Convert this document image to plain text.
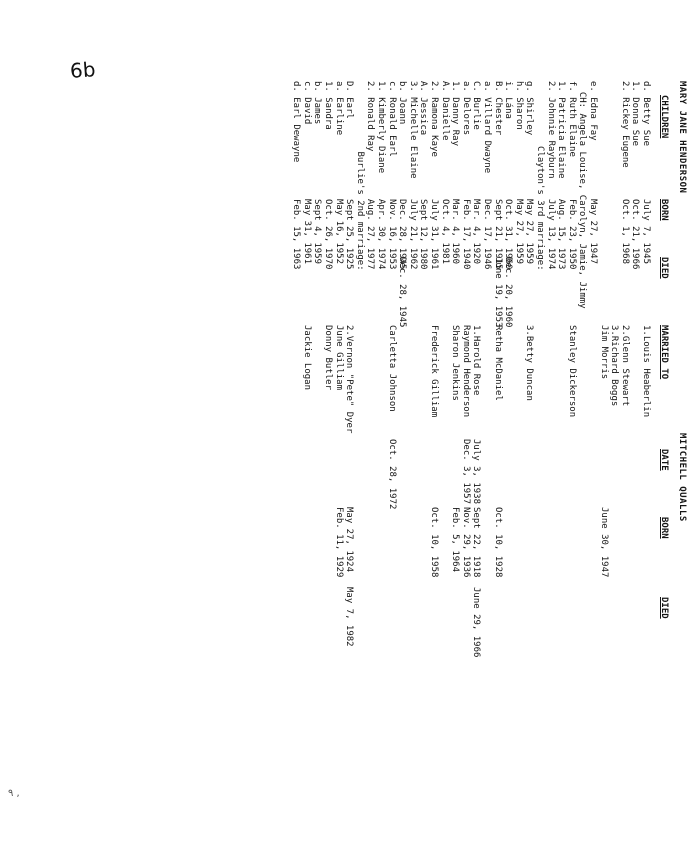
6b
۹ ,
MARY JANE HENDERSON
MITCHELL QUALLS
CHILDREN
BORN
DIED
MARRIED TO
DATE
BORN
DIED
d. Betty Sue
July 7, 1945
1.Louis Heaberlin
1. Donna Sue
Oct. 21, 1966
2. Rickey Eugene
Oct. 1, 1968
2.Glenn Stewart
3.Richard Boggs
Jim Morris
June 30, 1947
e. Edna Fay
May 27, 1947
CH: Angela Louise, Carolyn, Jamie, Jimmy
f. Ruth Elaine
Feb. 23, 1950
Stanley Dickerson
1. Patricia Elaine
Aug. 15, 1973
2. Johnnie Rayburn
July 13, 1974
Clayton's 3rd marriage:
g. Shirley
May 27, 1959
3.Betty Duncan
h. Sharon
May 27, 1959
i. Lána
Oct. 31, 1960
Dec. 20, 1960
B. Chester
Sept 21, 1915
June 19, 1953
Retha McDaniel
Oct. 10, 1928
a. Villard Dwayne
Dec. 17, 1946
C. Burlie
Mar. 4, 1920
1.Harold Rose
July 3, 1938
Sept 22, 1918
June 29, 1966
a. Delores
Feb. 17, 1940
Raymond Henderson
Dec. 3, 1957
Nov. 29, 1936
1. Danny Ray
Mar. 4, 1960
Sharon Jenkins
Feb. 5, 1964
A. Danielle
Oct. 4, 1981
2. Ramona Kaye
July 31, 1961
Frederick Gilliam
Oct. 10, 1958
A. Jessica
Sept 12, 1980
3. Michelle Elaine
July 21, 1962
b. Joann
Dec. 28, 1945
Dec. 28, 1945
c. Ronald Earl
Nov. 16, 1953
Carletta Johnson
Oct. 28, 1972
1. Kimberly Diane
Apr. 30, 1974
2. Ronald Ray
Aug. 27, 1977
Burlie's 2nd marriage:
D. Earl
Sept 25, 1925
2.Vernon "Pete" Dyer
May 27, 1924
May 7, 1982
a. Earline
May 16, 1952
June Gilliam
Feb. 11, 1929
1. Sandra
Oct. 26, 1970
Donny Butler
b. James
Sept 4, 1959
c. David
May 31, 1961
Jackie Logan
d. Earl Dewayne
Feb. 15, 1963
